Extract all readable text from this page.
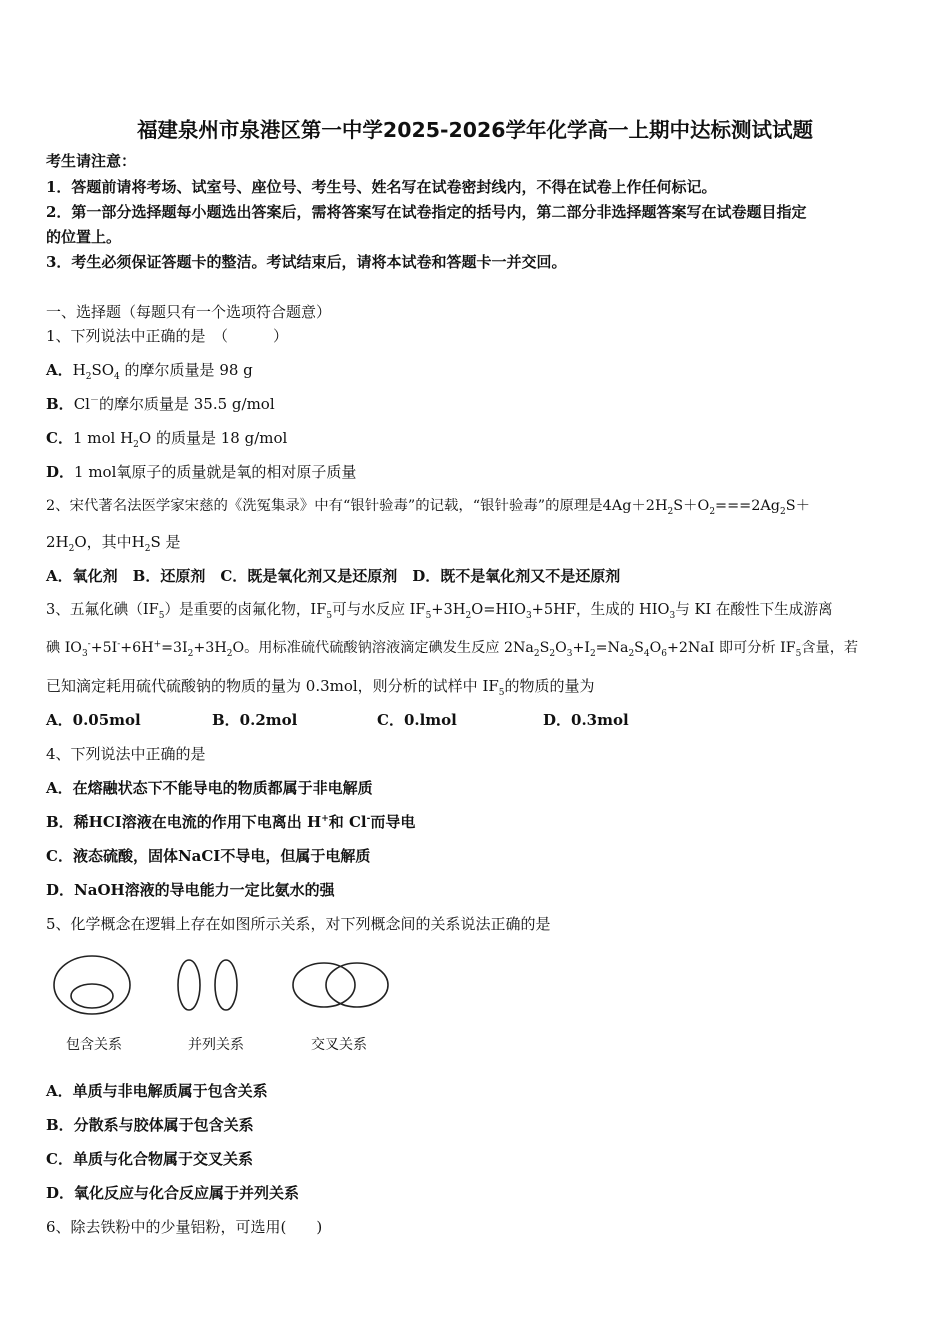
福建泉州市泉港区第一中学2025-2026学年化学高一上期中达标测试试题
考生请注意：
1．答题前请将考场、试室号、座位号、考生号、姓名写在试卷密封线内，不得在试卷上作任何标记。
2．第一部分选择题每小题选出答案后，需将答案写在试卷指定的括号内，第二部分非选择题答案写在试卷题目指定
的位置上。
3．考生必须保证答题卡的整洁。考试结束后，请将本试卷和答题卡一并交回。
一、选择题（每题只有一个选项符合题意）
1、下列说法中正确的是　（　　　）
A．$H_2SO_4$ 的摩尔质量是 98 g
B．Cl－的摩尔质量是 35.5 g/mol
C．1 mol $H_2O$ 的质量是 18 g/mol
D．1 mol氧原子的质量就是氧的相对原子质量
2、宋代著名法医学家宋慈的《洗冤集录》中有“银针验毒”的记载，“银针验毒”的原理是$4Ag+2H_2S+O_2===2Ag_2S+$
$2H_2O$，其中$H_2S$ 是
A．氧化剂　B．还原剂　C．既是氧化剂又是还原剂　D．既不是氧化剂又不是还原剂
3、五氟化碘$(IF_5)$是重要的卤氟化物，$IF_5$可与水反应 $IF_5+3H_2O=HIO_3+5HF$，生成的 $HIO_3$与 KI 在酸性下生成游离
碘 $IO_3^-+5I^-+6H^+=3I_2+3H_2O$。用标准硫代硫酸钠溶液滴定碘发生反应 $2Na_2S_2O_3+I_2=Na_2S_4O_6+2NaI$ 即可分析 $IF_5$含量，若
已知滴定耗用硫代硫酸钠的物质的量为 0.3mol，则分析的试样中 $IF_5$的物质的量为
A．0.05mol	B．0.2mol	C．0.lmol	D．0.3mol
4、下列说法中正确的是
A．在熔融状态下不能导电的物质都属于非电解质
B．稀HCI溶液在电流的作用下电离出 H+和 Cl-而导电
C．液态硫酸，固体NaCI不导电，但属于电解质
D．NaOH溶液的导电能力一定比氨水的强
5、化学概念在逻辑上存在如图所示关系，对下列概念间的关系说法正确的是
包含关系	并列关系	交叉关系
A．单质与非电解质属于包含关系
B．分散系与胶体属于包含关系
C．单质与化合物属于交叉关系
D．氧化反应与化合反应属于并列关系
6、除去铁粉中的少量铝粉，可选用(　　)
